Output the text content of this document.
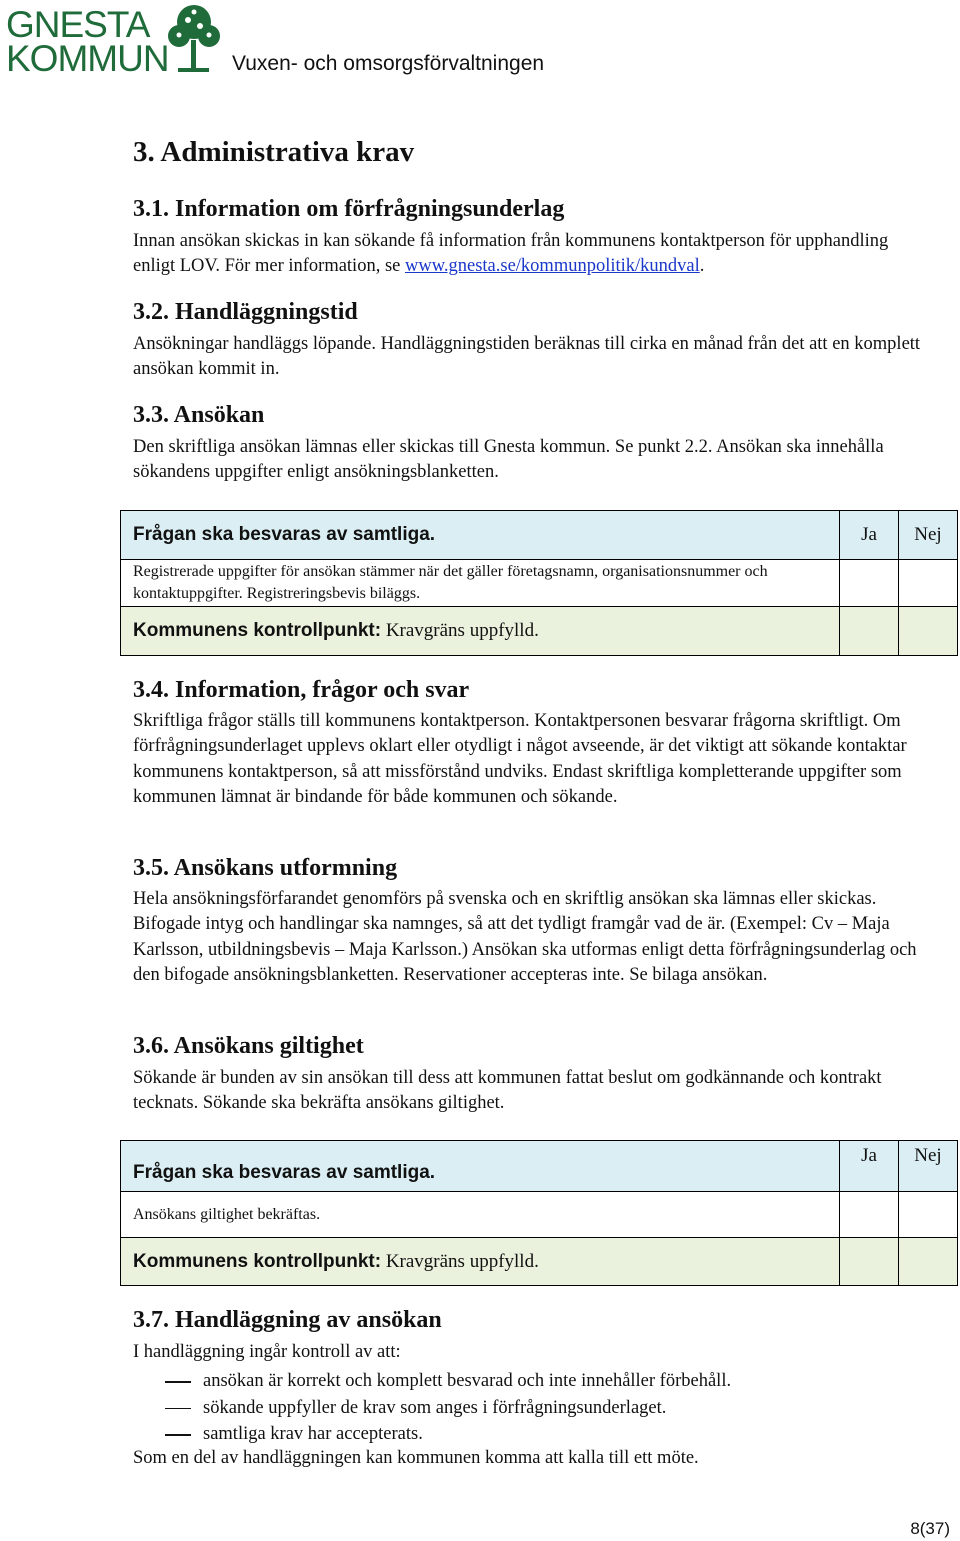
GNESTA
KOMMUN	Vuxen- och omsorgsförvaltningen
3. Administrativa krav
3.1. Information om förfrågningsunderlag

Innan ansökan skickas in kan sökande få information från kommunens kontaktperson för upphandling enligt LOV. För mer information, se www.gnesta.se/kommunpolitik/kundval.

3.2. Handläggningstid

Ansökningar handläggs löpande. Handläggningstiden beräknas till cirka en månad från det att en komplett ansökan kommit in.

3.3. Ansökan

Den skriftliga ansökan lämnas eller skickas till Gnesta kommun. Se punkt 2.2. Ansökan ska innehålla sökandens uppgifter enligt ansökningsblanketten.

Frågan ska besvaras av samtliga.	Ja	Nej
Registrerade uppgifter för ansökan stämmer när det gäller företagsnamn, organisationsnummer och kontaktuppgifter. Registreringsbevis biläggs.		
Kommunens kontrollpunkt: Kravgräns uppfylld.		
3.4. Information, frågor och svar

Skriftliga frågor ställs till kommunens kontaktperson. Kontaktpersonen besvarar frågorna skriftligt. Om förfrågningsunderlaget upplevs oklart eller otydligt i något avseende, är det viktigt att sökande kontaktar kommunens kontaktperson, så att missförstånd undviks. Endast skriftliga kompletterande uppgifter som kommunen lämnat är bindande för både kommunen och sökande.

3.5. Ansökans utformning

Hela ansökningsförfarandet genomförs på svenska och en skriftlig ansökan ska lämnas eller skickas. Bifogade intyg och handlingar ska namnges, så att det tydligt framgår vad de är. (Exempel: Cv – Maja Karlsson, utbildningsbevis – Maja Karlsson.) Ansökan ska utformas enligt detta förfrågningsunderlag och den bifogade ansökningsblanketten. Reservationer accepteras inte. Se bilaga ansökan.

3.6. Ansökans giltighet

Sökande är bunden av sin ansökan till dess att kommunen fattat beslut om godkännande och kontrakt tecknats. Sökande ska bekräfta ansökans giltighet.

Frågan ska besvaras av samtliga.	Ja	Nej
Ansökans giltighet bekräftas.		
Kommunens kontrollpunkt: Kravgräns uppfylld.		
3.7. Handläggning av ansökan

I handläggning ingår kontroll av att:

ansökan är korrekt och komplett besvarad och inte innehåller förbehåll.
sökande uppfyller de krav som anges i förfrågningsunderlaget.
samtliga krav har accepterats.

Som en del av handläggningen kan kommunen komma att kalla till ett möte.

8(37)
